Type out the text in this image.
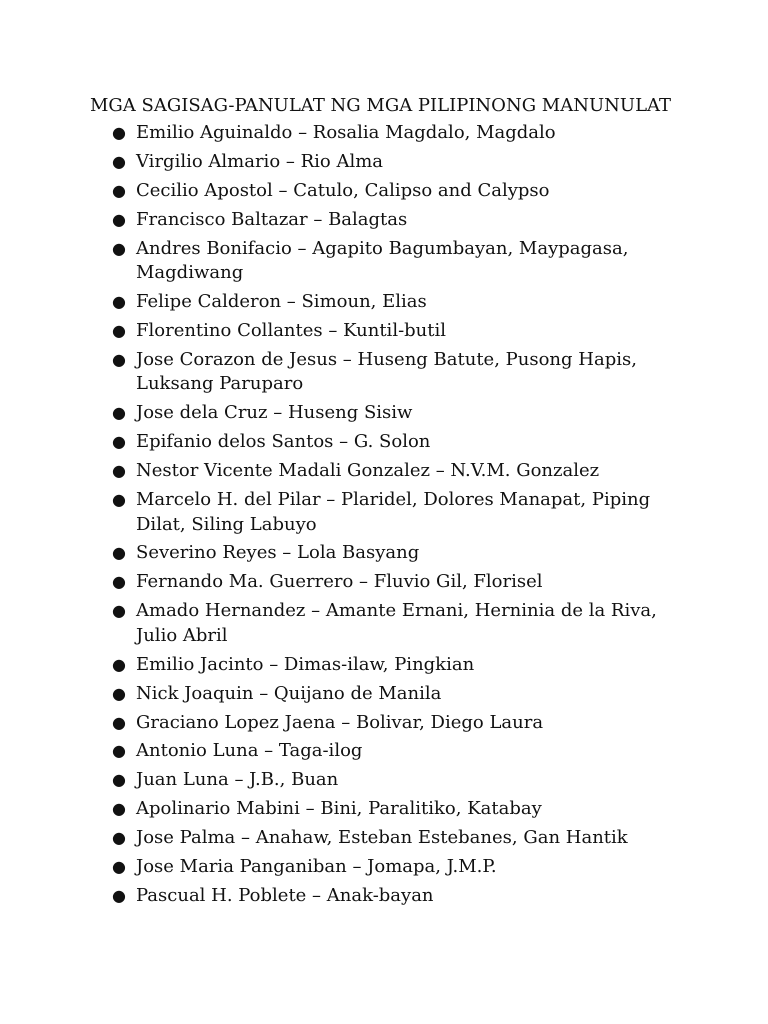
MGA SAGISAG-PANULAT NG MGA PILIPINONG MANUNULAT
● Emilio Aguinaldo – Rosalia Magdalo, Magdalo
● Virgilio Almario – Rio Alma
● Cecilio Apostol – Catulo, Calipso and Calypso
● Francisco Baltazar – Balagtas
● Andres Bonifacio – Agapito Bagumbayan, Maypagasa, Magdiwang
● Felipe Calderon – Simoun, Elias
● Florentino Collantes – Kuntil-butil
● Jose Corazon de Jesus – Huseng Batute, Pusong Hapis, Luksang Paruparo
● Jose dela Cruz – Huseng Sisiw
● Epifanio delos Santos – G. Solon
● Nestor Vicente Madali Gonzalez – N.V.M. Gonzalez
● Marcelo H. del Pilar – Plaridel, Dolores Manapat, Piping Dilat, Siling Labuyo
● Severino Reyes – Lola Basyang
● Fernando Ma. Guerrero – Fluvio Gil, Florisel
● Amado Hernandez – Amante Ernani, Herninia de la Riva, Julio Abril
● Emilio Jacinto – Dimas-ilaw, Pingkian
● Nick Joaquin – Quijano de Manila
● Graciano Lopez Jaena – Bolivar, Diego Laura
● Antonio Luna – Taga-ilog
● Juan Luna – J.B., Buan
● Apolinario Mabini – Bini, Paralitiko, Katabay
● Jose Palma – Anahaw, Esteban Estebanes, Gan Hantik
● Jose Maria Panganiban – Jomapa, J.M.P.
● Pascual H. Poblete – Anak-bayan
